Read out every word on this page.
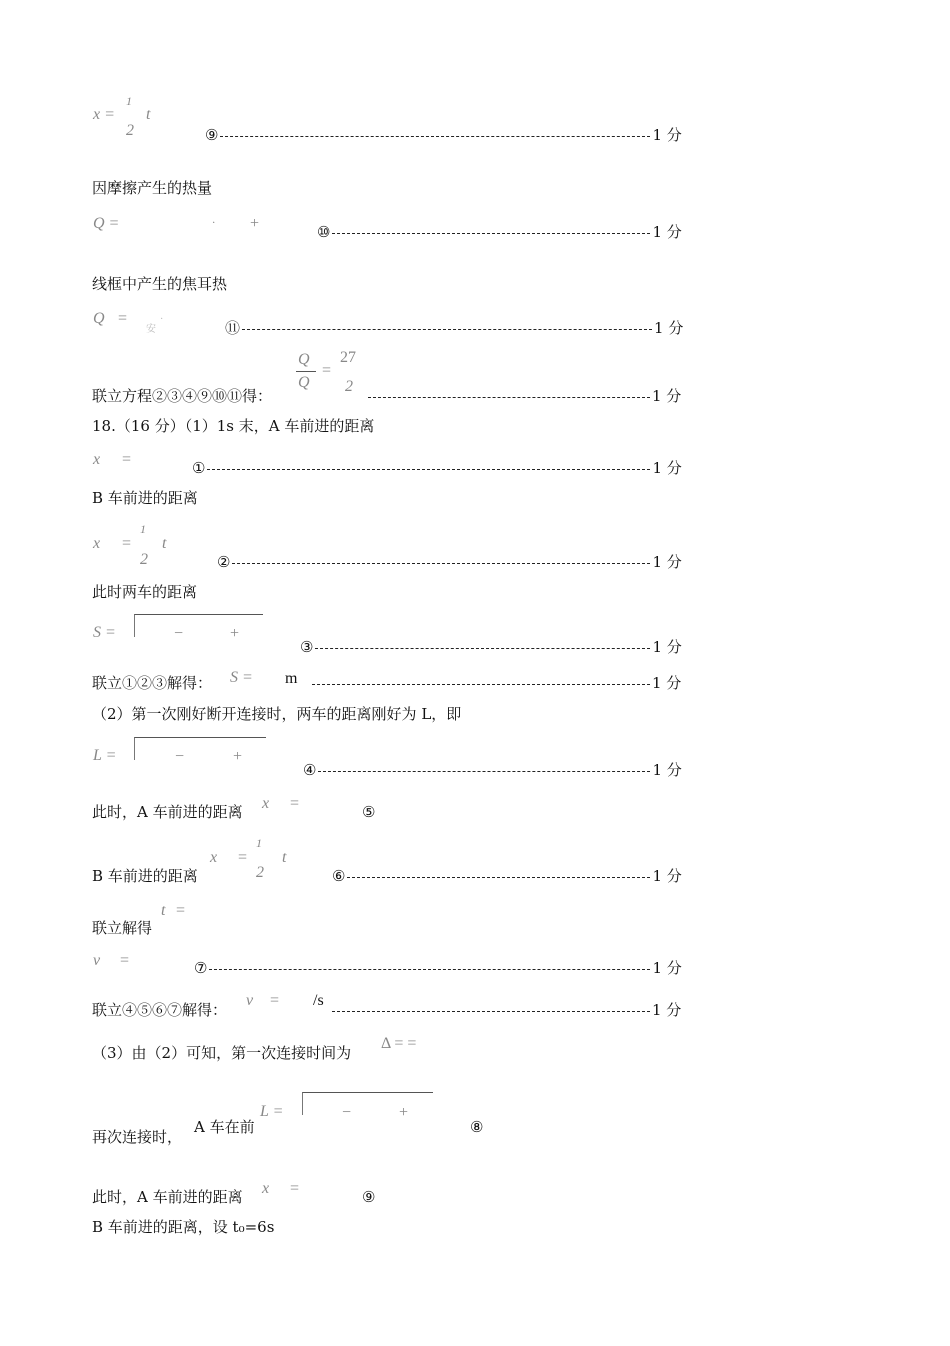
x =
1
2
t
⑨	1 分
因摩擦产生的热量
Q =	· +	⑩	1 分
线框中产生的焦耳热
Q =
安
·	⑪	1 分
联立方程②③④⑨⑩⑪得：
Q
Q
=
27
2
1 分
18.（16 分）（1）1s 末，A 车前进的距离
x =	①	1 分
B 车前进的距离
x =
1
2
t
②	1 分
此时两车的距离
S =	−	+
③	1 分
联立①②③解得： S = m	1 分
（2）第一次刚好断开连接时，两车的距离刚好为 L，即
L =	−	+
④	1 分
此时，A 车前进的距离 x =	⑤
B 车前进的距离
x =
1
2
t
⑥	1 分
联立解得
t =
v =	⑦	1 分
联立④⑤⑥⑦解得：
v = /s
1 分
（3）由（2）可知，第一次连接时间为
Δ = =
再次连接时，
A 车在前
L =	−	+
⑧
此时，A 车前进的距离 x =	⑨
B 车前进的距离，设 t₀=6s
